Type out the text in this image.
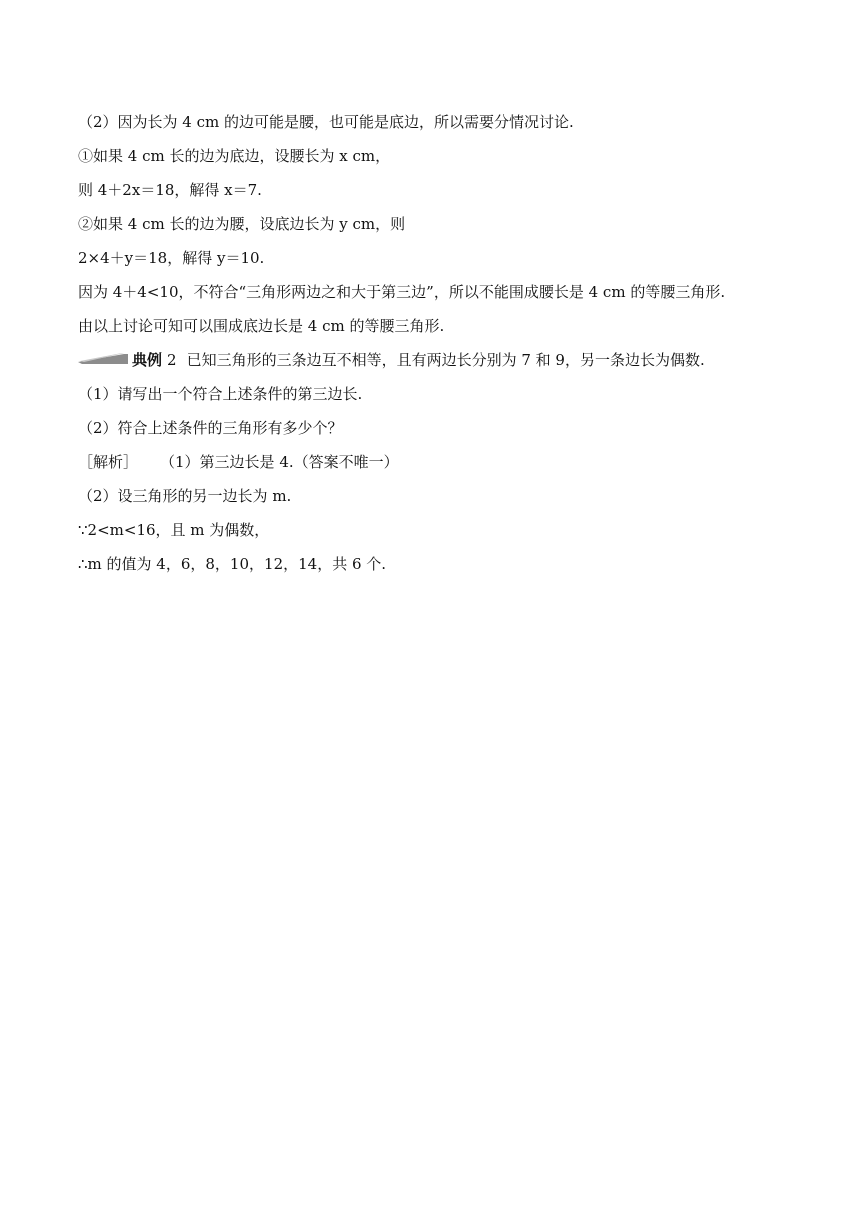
（2）因为长为 4 cm 的边可能是腰，也可能是底边，所以需要分情况讨论.
①如果 4 cm 长的边为底边，设腰长为 x cm，
则 4＋2x＝18，解得 x＝7.
②如果 4 cm 长的边为腰，设底边长为 y cm，则
2×4＋y＝18，解得 y＝10.
因为 4＋4<10，不符合“三角形两边之和大于第三边”，所以不能围成腰长是 4 cm 的等腰三角形.
由以上讨论可知可以围成底边长是 4 cm 的等腰三角形.
典例 2 已知三角形的三条边互不相等，且有两边长分别为 7 和 9，另一条边长为偶数.
（1）请写出一个符合上述条件的第三边长.
（2）符合上述条件的三角形有多少个？
［解析］ （1）第三边长是 4.（答案不唯一）
（2）设三角形的另一边长为 m.
∵2<m<16，且 m 为偶数，
∴m 的值为 4，6，8，10，12，14，共 6 个.
